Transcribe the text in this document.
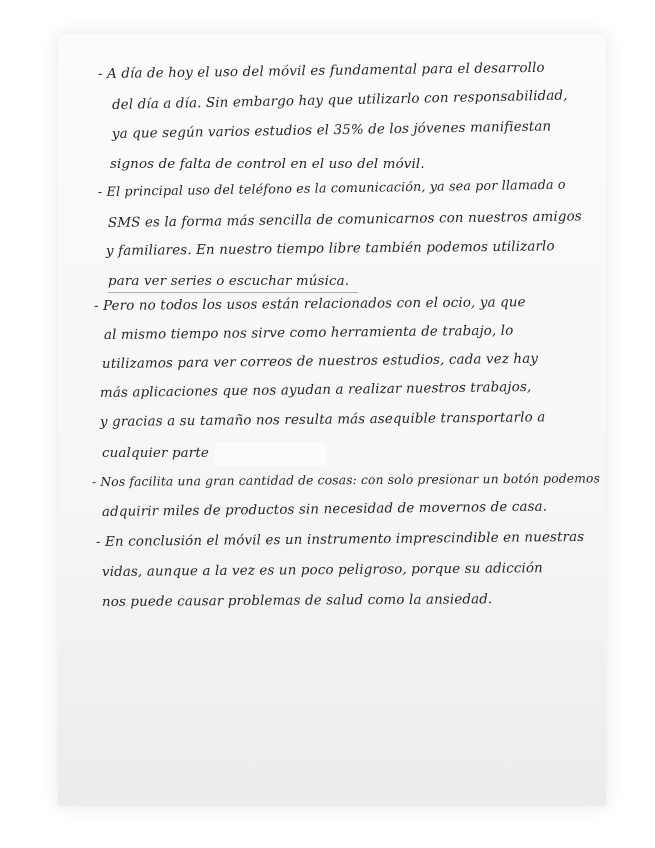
- A día de hoy el uso del móvil es fundamental para el desarrollo

del día a día. Sin embargo hay que utilizarlo con responsabilidad,

ya que según varios estudios el 35% de los jóvenes manifiestan

signos de falta de control en el uso del móvil.

- El principal uso del teléfono es la comunicación, ya sea por llamada o

SMS es la forma más sencilla de comunicarnos con nuestros amigos

y familiares. En nuestro tiempo libre también podemos utilizarlo

para ver series o escuchar música.

- Pero no todos los usos están relacionados con el ocio, ya que

al mismo tiempo nos sirve como herramienta de trabajo, lo

utilizamos para ver correos de nuestros estudios, cada vez hay

más aplicaciones que nos ayudan a realizar nuestros trabajos,

y gracias a su tamaño nos resulta más asequible transportarlo a

cualquier parte

- Nos facilita una gran cantidad de cosas: con solo presionar un botón podemos

adquirir miles de productos sin necesidad de movernos de casa.

- En conclusión el móvil es un instrumento imprescindible en nuestras

vidas, aunque a la vez es un poco peligroso, porque su adicción

nos puede causar problemas de salud como la ansiedad.
